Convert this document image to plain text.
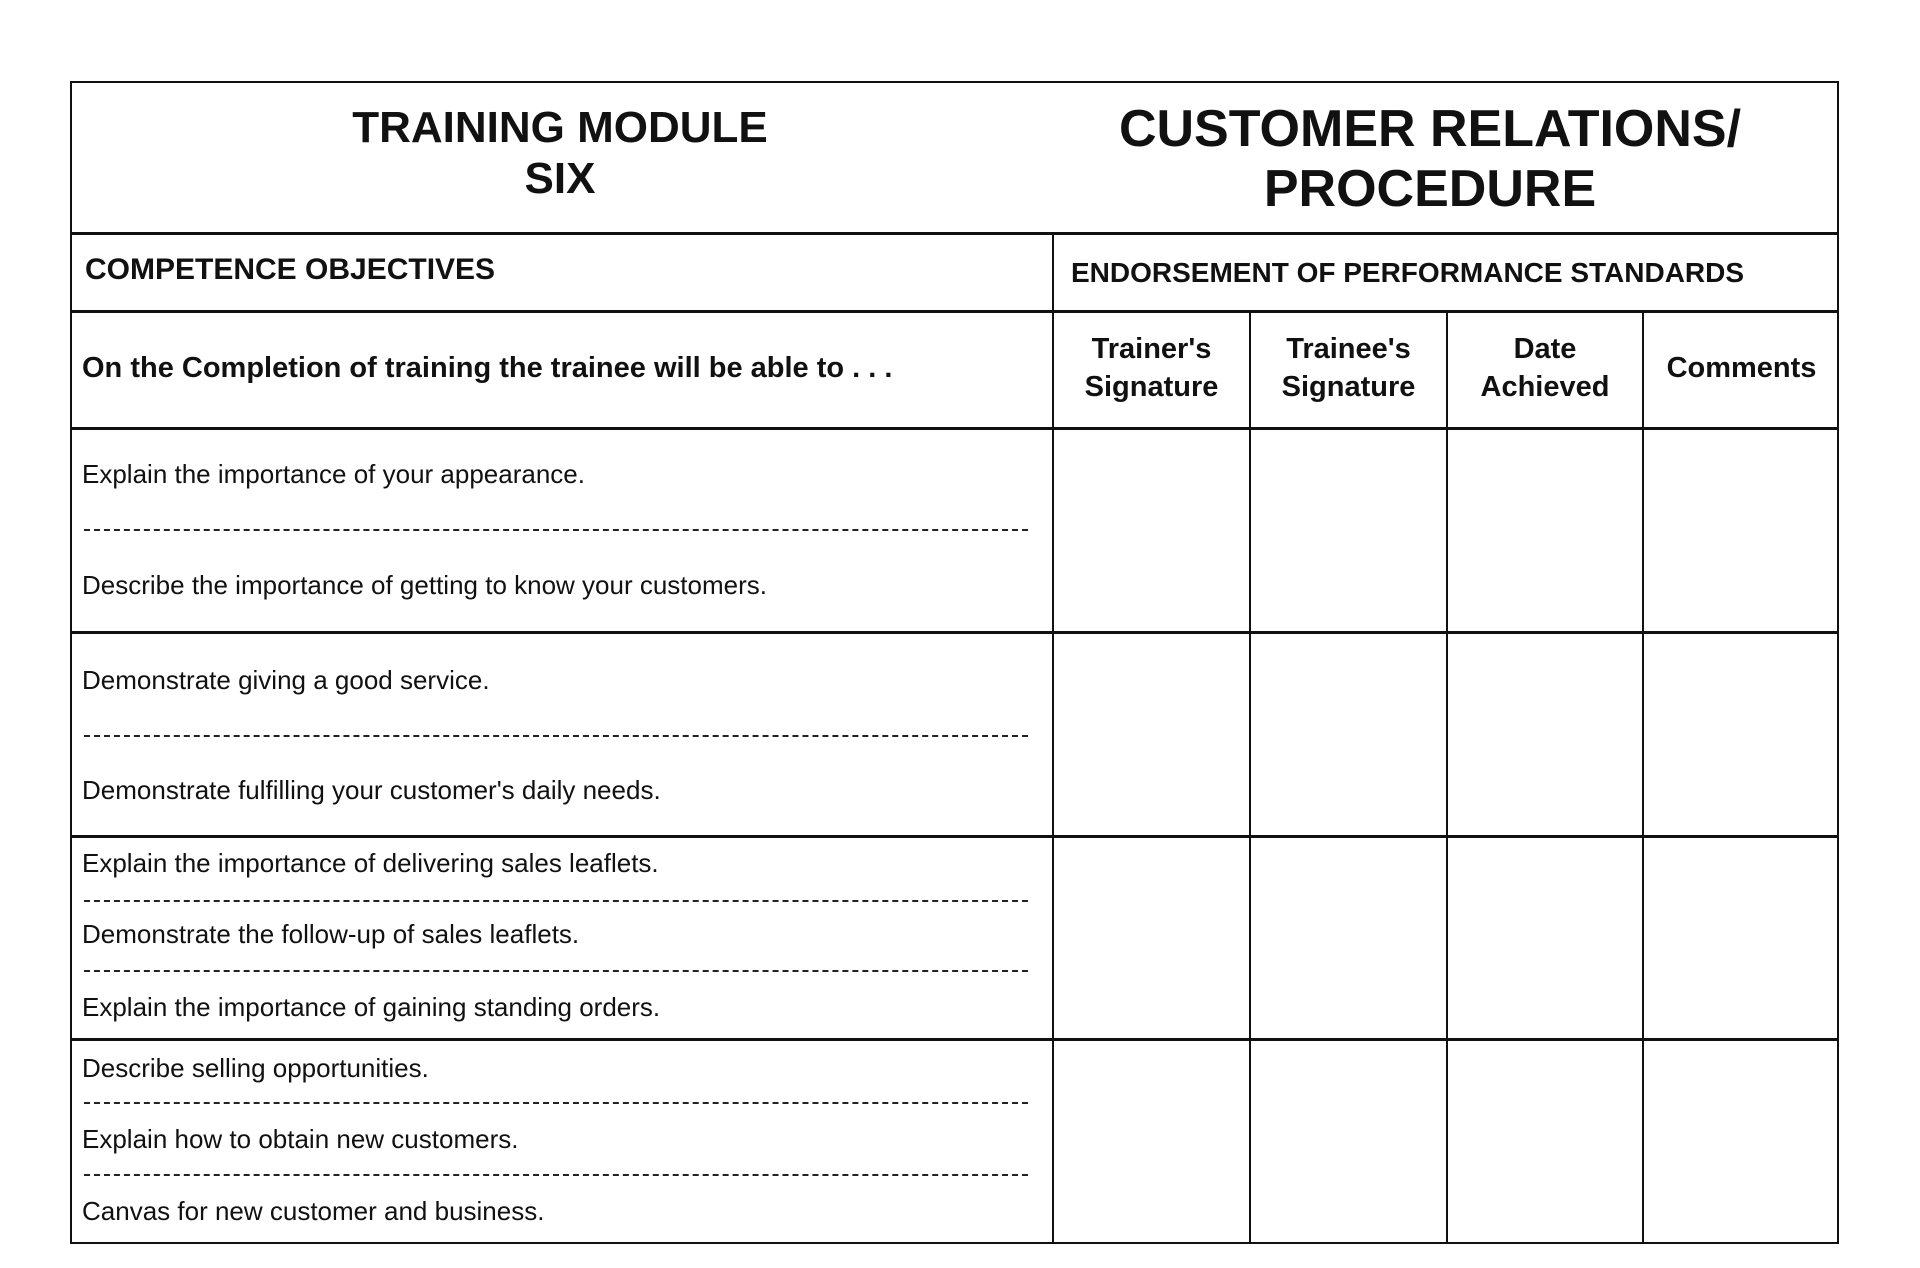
TRAINING MODULE
SIX
CUSTOMER RELATIONS/
PROCEDURE
COMPETENCE OBJECTIVES	ENDORSEMENT OF PERFORMANCE STANDARDS
On the Completion of training the trainee will be able to . . .
Trainer's
Signature
Trainee's
Signature
Date
Achieved
Comments
Explain the importance of your appearance.
Describe the importance of getting to know your customers.
Demonstrate giving a good service.
Demonstrate fulfilling your customer's daily needs.
Explain the importance of delivering sales leaflets.
Demonstrate the follow-up of sales leaflets.
Explain the importance of gaining standing orders.
Describe selling opportunities.
Explain how to obtain new customers.
Canvas for new customer and business.
